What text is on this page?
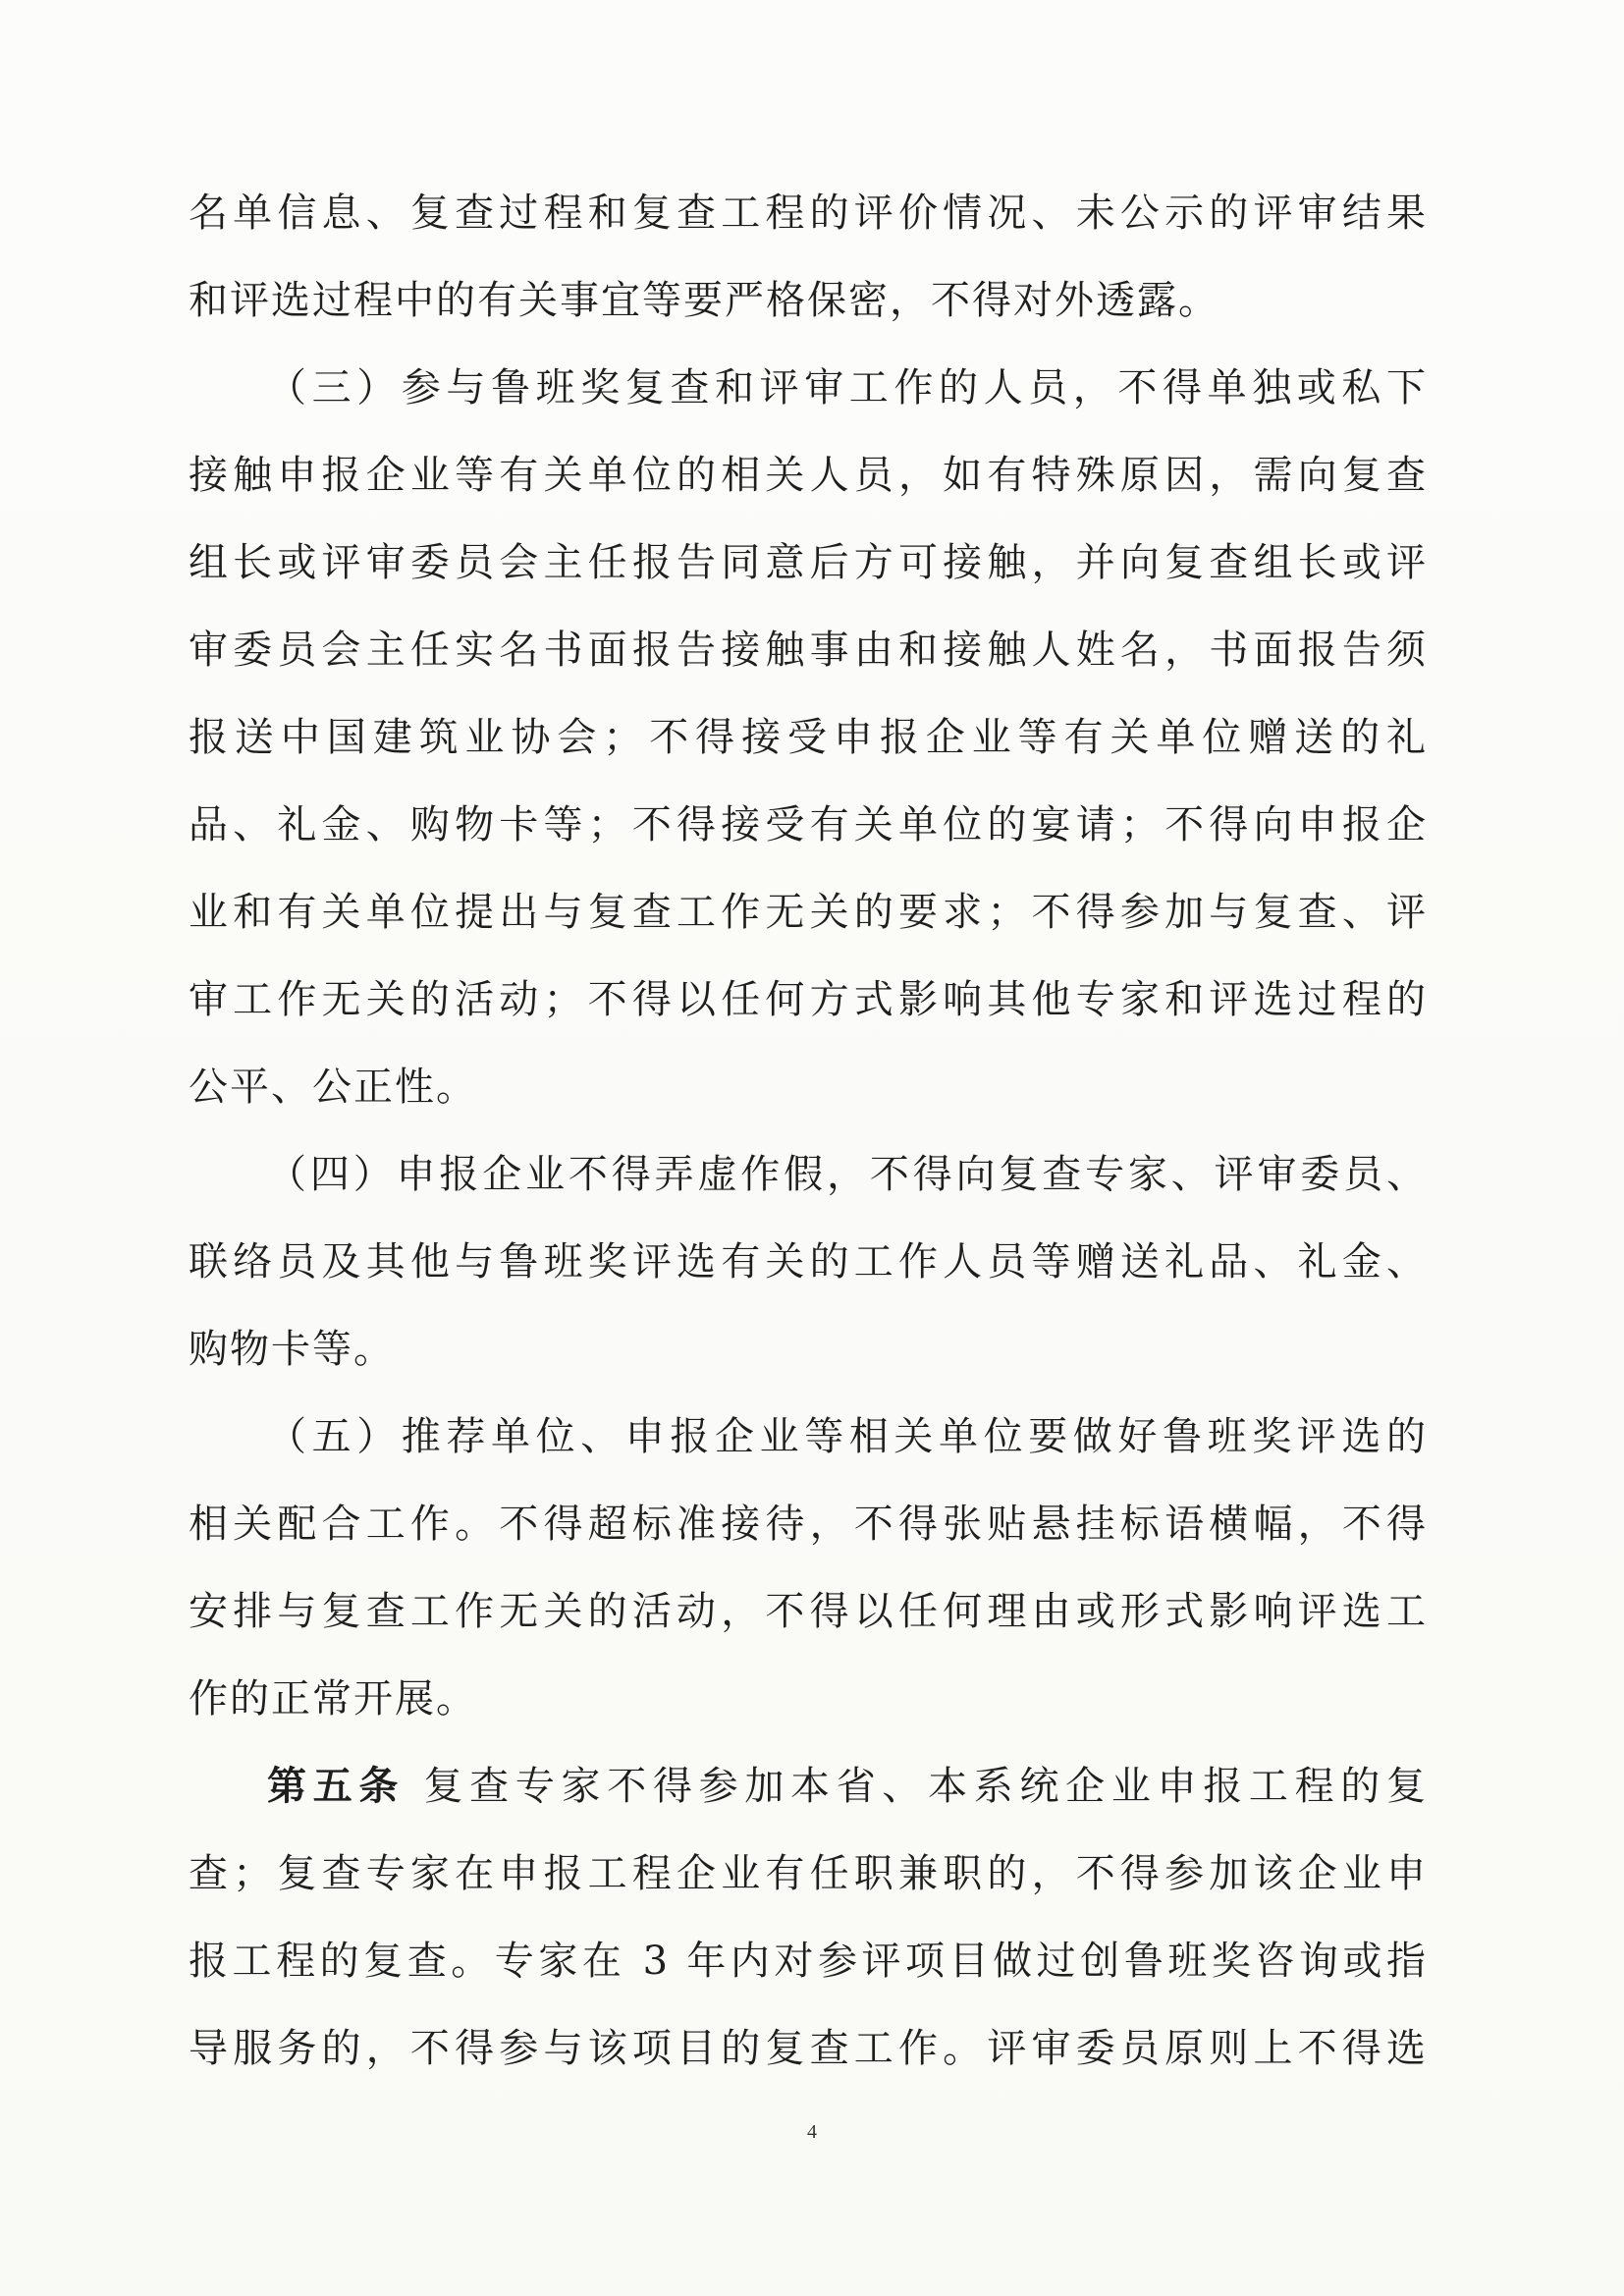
名单信息、复查过程和复查工程的评价情况、未公示的评审结果
和评选过程中的有关事宜等要严格保密，不得对外透露。
（三）参与鲁班奖复查和评审工作的人员，不得单独或私下
接触申报企业等有关单位的相关人员，如有特殊原因，需向复查
组长或评审委员会主任报告同意后方可接触，并向复查组长或评
审委员会主任实名书面报告接触事由和接触人姓名，书面报告须
报送中国建筑业协会；不得接受申报企业等有关单位赠送的礼
品、礼金、购物卡等；不得接受有关单位的宴请；不得向申报企
业和有关单位提出与复查工作无关的要求；不得参加与复查、评
审工作无关的活动；不得以任何方式影响其他专家和评选过程的
公平、公正性。
（四）申报企业不得弄虚作假，不得向复查专家、评审委员、
联络员及其他与鲁班奖评选有关的工作人员等赠送礼品、礼金、
购物卡等。
（五）推荐单位、申报企业等相关单位要做好鲁班奖评选的
相关配合工作。不得超标准接待，不得张贴悬挂标语横幅，不得
安排与复查工作无关的活动，不得以任何理由或形式影响评选工
作的正常开展。
第五条 复查专家不得参加本省、本系统企业申报工程的复
查；复查专家在申报工程企业有任职兼职的，不得参加该企业申
报工程的复查。专家在 3 年内对参评项目做过创鲁班奖咨询或指
导服务的，不得参与该项目的复查工作。评审委员原则上不得选
4
